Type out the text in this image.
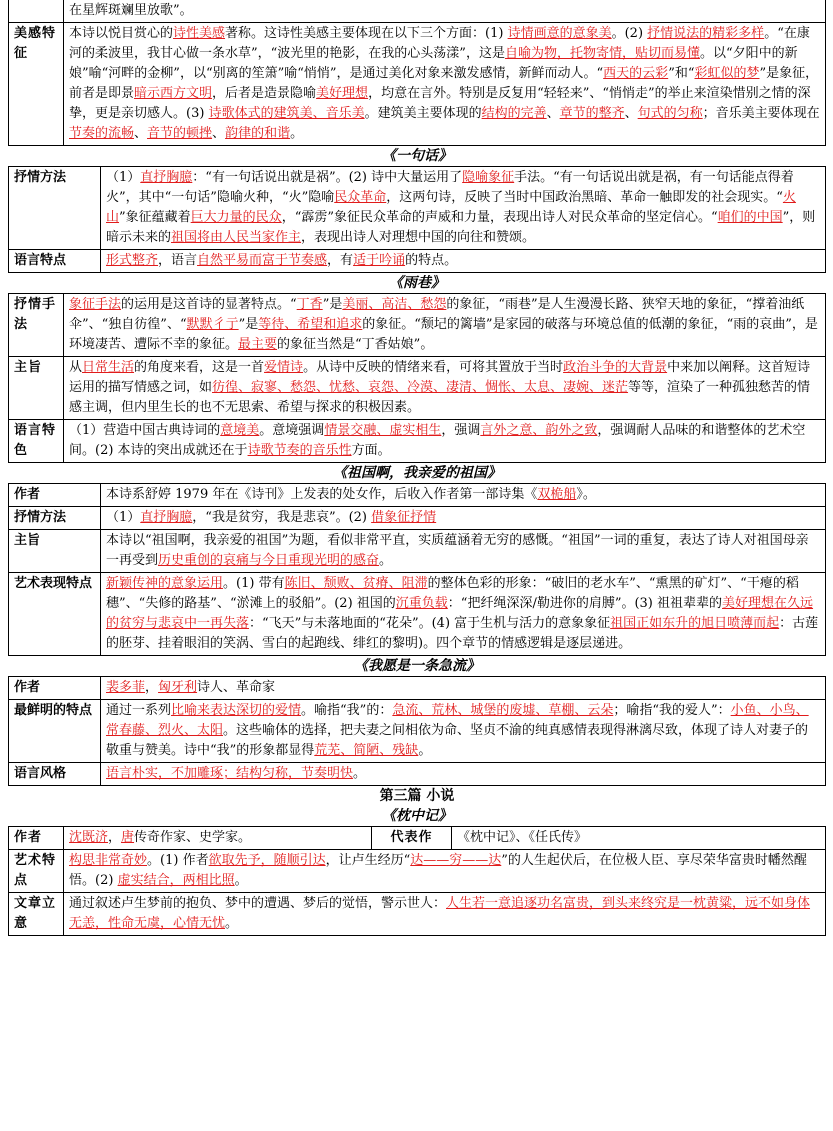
	在星辉斑斓里放歌”。
美感特征	本诗以悦目赏心的诗性美感著称。这诗性美感主要体现在以下三个方面：(1) 诗情画意的意象美。(2) 抒情说法的精彩多样。“在康河的柔波里，我甘心做一条水草”，“波光里的艳影，在我的心头荡漾”，这是自喻为物，托物寄情，贴切而易懂。以“夕阳中的新娘”喻“河畔的金柳”，以“别离的笙箫”喻“悄悄”，是通过美化对象来激发感情，新鲜而动人。“西天的云彩”和“彩虹似的梦”是象征，前者是即景暗示西方文明，后者是造景隐喻美好理想，均意在言外。特别是反复用“轻轻来”、“悄悄走”的举止来渲染惜别之情的深挚，更是亲切感人。(3) 诗歌体式的建筑美、音乐美。建筑美主要体现的结构的完善、章节的整齐、句式的匀称；音乐美主要体现在节奏的流畅、音节的顿挫、韵律的和谐。
《一句话》
抒情方法	（1）直抒胸臆：“有一句话说出就是祸”。(2) 诗中大量运用了隐喻象征手法。“有一句话说出就是祸，有一句话能点得着火”，其中“一句话”隐喻火种，“火”隐喻民众革命，这两句诗，反映了当时中国政治黑暗、革命一触即发的社会现实。“火山”象征蕴藏着巨大力量的民众，“霹雳”象征民众革命的声威和力量，表现出诗人对民众革命的坚定信心。“咱们的中国”，则暗示未来的祖国将由人民当家作主，表现出诗人对理想中国的向往和赞颂。
语言特点	形式整齐，语言自然平易而富于节奏感，有适于吟诵的特点。
《雨巷》
抒情手法	象征手法的运用是这首诗的显著特点。“丁香”是美丽、高洁、愁怨的象征，“雨巷”是人生漫漫长路、狭窄天地的象征，“撑着油纸伞”、“独自彷徨”、“默默彳亍”是等待、希望和追求的象征。“颓圮的篱墙”是家园的破落与环境总值的低潮的象征，“雨的哀曲”，是环境凄苦、遭际不幸的象征。最主要的象征当然是“丁香姑娘”。
主旨	从日常生活的角度来看，这是一首爱情诗。从诗中反映的情绪来看，可将其置放于当时政治斗争的大背景中来加以阐释。这首短诗运用的描写情感之词，如彷徨、寂寥、愁怨、忧愁、哀怨、冷漠、凄清、惆怅、太息、凄婉、迷茫等等，渲染了一种孤独愁苦的情感主调，但内里生长的也不无思索、希望与探求的积极因素。
语言特色	（1）营造中国古典诗词的意境美。意境强调情景交融、虚实相生，强调言外之意、韵外之致，强调耐人品味的和谐整体的艺术空间。(2) 本诗的突出成就还在于诗歌节奏的音乐性方面。
《祖国啊，我亲爱的祖国》
作者	本诗系舒婷 1979 年在《诗刊》上发表的处女作，后收入作者第一部诗集《双桅船》。
抒情方法	（1）直抒胸臆，“我是贫穷，我是悲哀”。(2) 借象征抒情
主旨	本诗以“祖国啊，我亲爱的祖国”为题，看似非常平直，实质蕴涵着无穷的感慨。“祖国”一词的重复，表达了诗人对祖国母亲一再受到历史重创的哀痛与今日重现光明的感奋。
艺术表现特点	新颖传神的意象运用。(1) 带有陈旧、颓败、贫瘠、阻滞的整体色彩的形象：“破旧的老水车”、“熏黑的矿灯”、“干瘪的稻穗”、“失修的路基”、“淤滩上的驳船”。(2) 祖国的沉重负载：“把纤绳深深/勒进你的肩膊”。(3) 祖祖辈辈的美好理想在久远的贫穷与悲哀中一再失落：“飞天”与未落地面的“花朵”。(4) 富于生机与活力的意象象征祖国正如东升的旭日喷薄而起：古莲的胚芽、挂着眼泪的笑涡、雪白的起跑线、绯红的黎明)。四个章节的情感逻辑是逐层递进。
《我愿是一条急流》
作者	裴多菲，匈牙利诗人、革命家
最鲜明的特点	通过一系列比喻来表达深切的爱情。喻指“我”的：急流、荒林、城堡的废墟、草棚、云朵；喻指“我的爱人”：小鱼、小鸟、常春藤、烈火、太阳。这些喻体的选择，把夫妻之间相依为命、坚贞不渝的纯真感情表现得淋漓尽致，体现了诗人对妻子的敬重与赞美。诗中“我”的形象都显得荒芜、简陋、残缺。
语言风格	语言朴实，不加雕琢；结构匀称，节奏明快。
第三篇 小说
《枕中记》
作者	沈既济，唐传奇作家、史学家。	代表作	《枕中记》、《任氏传》
艺术特点	构思非常奇妙。(1) 作者欲取先予，随顺引达，让卢生经历“达——穷——达”的人生起伏后，在位极人臣、享尽荣华富贵时幡然醒悟。(2) 虚实结合，两相比照。		
文章立意	通过叙述卢生梦前的抱负、梦中的遭遇、梦后的觉悟，警示世人：人生若一意追逐功名富贵，到头来终究是一枕黄粱，远不如身体无恙，性命无虞，心情无忧。		
